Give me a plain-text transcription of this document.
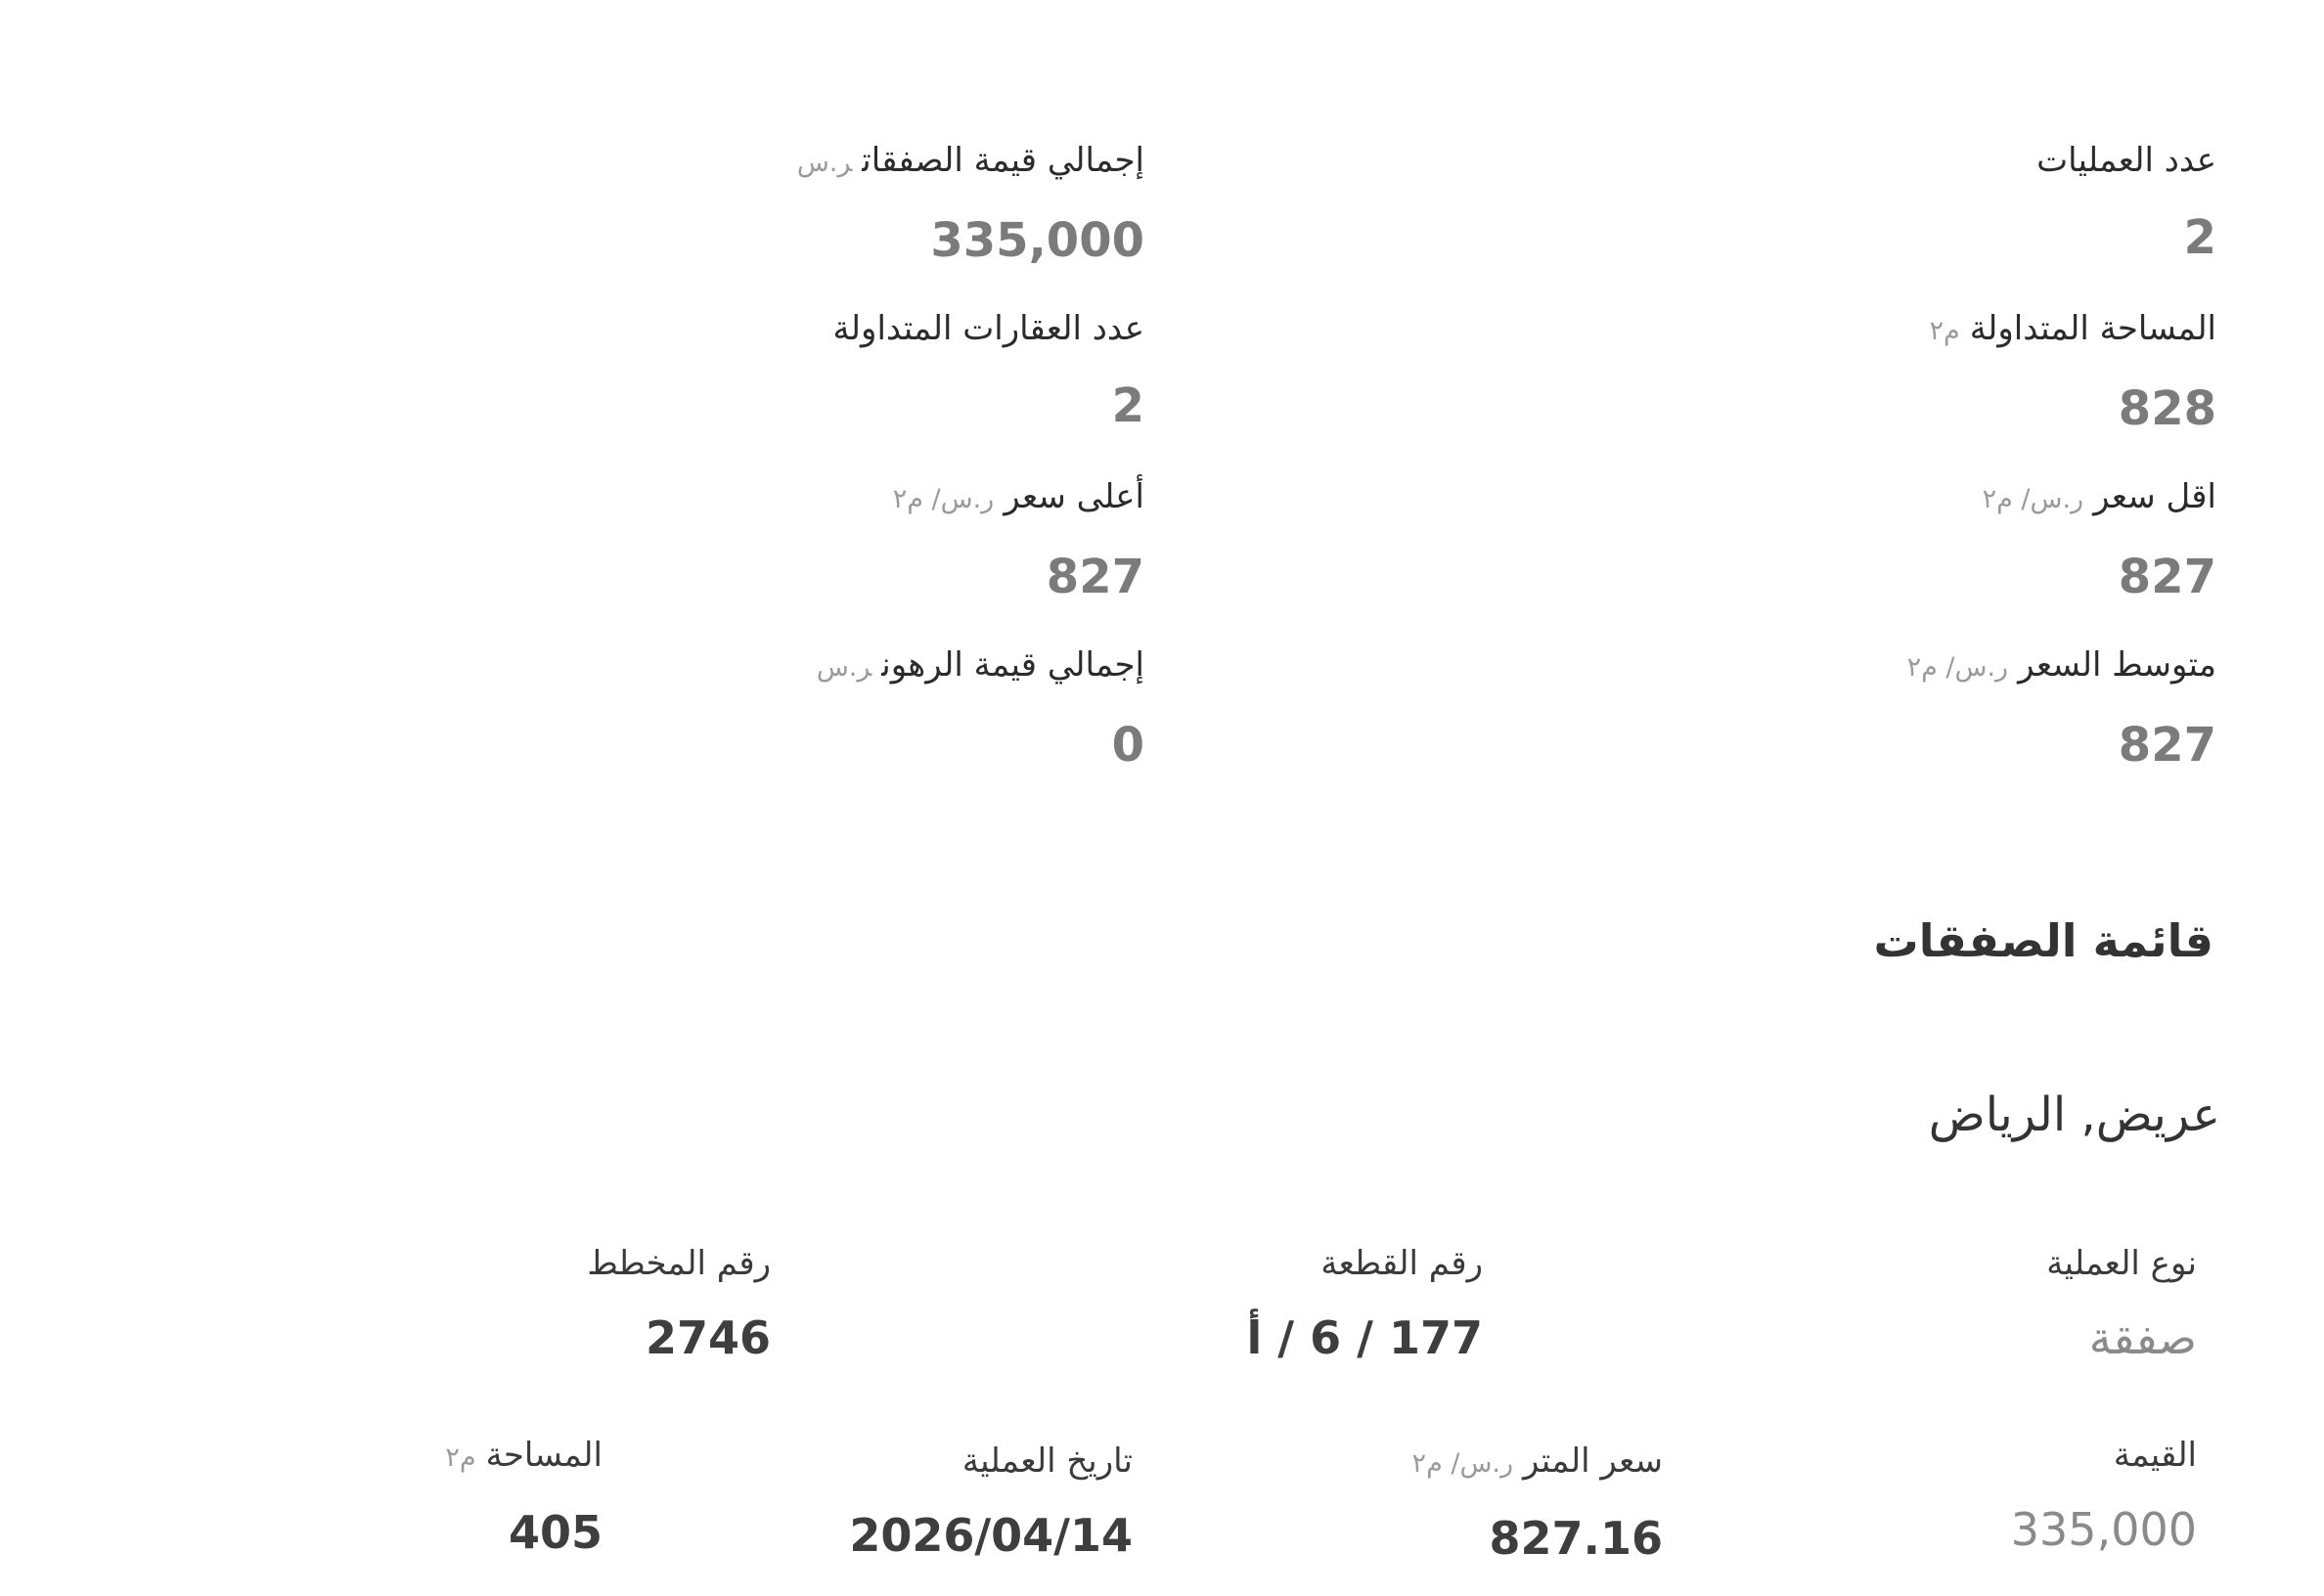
عدد العمليات
2
المساحة المتداولةم٢
828
اقل سعرر.س/ م٢
827
متوسط السعرر.س/ م٢
827
إجمالي قيمة الصفقاتر.س
335,000
عدد العقارات المتداولة
2
أعلى سعرر.س/ م٢
827
إجمالي قيمة الرهونر.س
0
قائمة الصفقات
عريض, الرياض
نوع العملية
صفقة
رقم القطعة
177 / 6 / أ
رقم المخطط
2746
القيمة
335,000
سعر المترر.س/ م٢
827.16
تاريخ العملية
2026/04/14
المساحةم٢
405
